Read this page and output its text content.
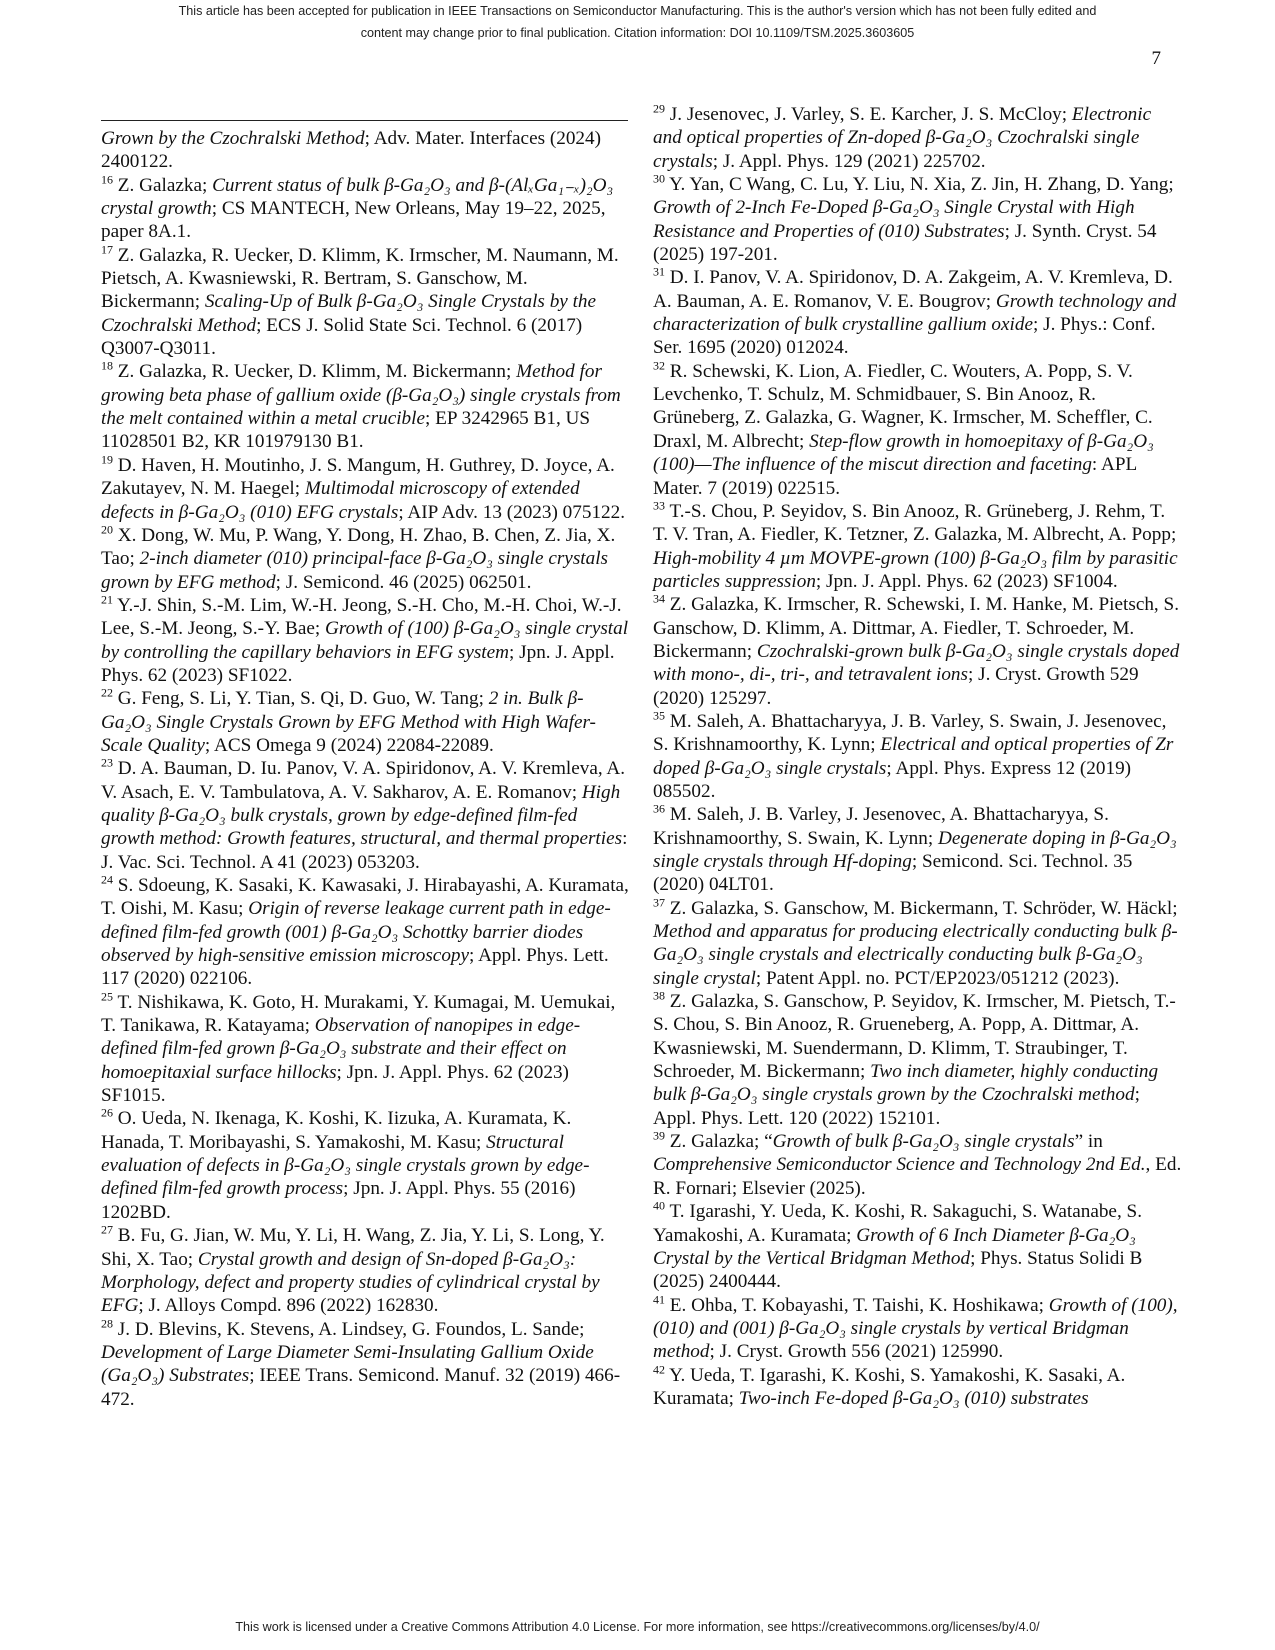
This article has been accepted for publication in IEEE Transactions on Semiconductor Manufacturing. This is the author's version which has not been fully edited and
content may change prior to final publication. Citation information: DOI 10.1109/TSM.2025.3603605
7
Grown by the Czochralski Method; Adv. Mater. Interfaces (2024) 2400122.
$^{16}$ Z. Galazka; Current status of bulk β-Ga₂O₃ and β-(AlₓGa₁₋ₓ)₂O₃ crystal growth; CS MANTECH, New Orleans, May 19–22, 2025, paper 8A.1.
$^{17}$ Z. Galazka, R. Uecker, D. Klimm, K. Irmscher, M. Naumann, M. Pietsch, A. Kwasniewski, R. Bertram, S. Ganschow, M. Bickermann; Scaling-Up of Bulk β-Ga₂O₃ Single Crystals by the Czochralski Method; ECS J. Solid State Sci. Technol. 6 (2017) Q3007-Q3011.
$^{18}$ Z. Galazka, R. Uecker, D. Klimm, M. Bickermann; Method for growing beta phase of gallium oxide (β-Ga₂O₃) single crystals from the melt contained within a metal crucible; EP 3242965 B1, US 11028501 B2, KR 101979130 B1.
$^{19}$ D. Haven, H. Moutinho, J. S. Mangum, H. Guthrey, D. Joyce, A. Zakutayev, N. M. Haegel; Multimodal microscopy of extended defects in β-Ga₂O₃ (010) EFG crystals; AIP Adv. 13 (2023) 075122.
$^{20}$ X. Dong, W. Mu, P. Wang, Y. Dong, H. Zhao, B. Chen, Z. Jia, X. Tao; 2-inch diameter (010) principal-face β-Ga₂O₃ single crystals grown by EFG method; J. Semicond. 46 (2025) 062501.
$^{21}$ Y.-J. Shin, S.-M. Lim, W.-H. Jeong, S.-H. Cho, M.-H. Choi, W.-J. Lee, S.-M. Jeong, S.-Y. Bae; Growth of (100) β-Ga₂O₃ single crystal by controlling the capillary behaviors in EFG system; Jpn. J. Appl. Phys. 62 (2023) SF1022.
$^{22}$ G. Feng, S. Li, Y. Tian, S. Qi, D. Guo, W. Tang; 2 in. Bulk β-Ga₂O₃ Single Crystals Grown by EFG Method with High Wafer-Scale Quality; ACS Omega 9 (2024) 22084-22089.
$^{23}$ D. A. Bauman, D. Iu. Panov, V. A. Spiridonov, A. V. Kremleva, A. V. Asach, E. V. Tambulatova, A. V. Sakharov, A. E. Romanov; High quality β-Ga₂O₃ bulk crystals, grown by edge-defined film-fed growth method: Growth features, structural, and thermal properties: J. Vac. Sci. Technol. A 41 (2023) 053203.
$^{24}$ S. Sdoeung, K. Sasaki, K. Kawasaki, J. Hirabayashi, A. Kuramata, T. Oishi, M. Kasu; Origin of reverse leakage current path in edge-defined film-fed growth (001) β-Ga₂O₃ Schottky barrier diodes observed by high-sensitive emission microscopy; Appl. Phys. Lett. 117 (2020) 022106.
$^{25}$ T. Nishikawa, K. Goto, H. Murakami, Y. Kumagai, M. Uemukai, T. Tanikawa, R. Katayama; Observation of nanopipes in edge-defined film-fed grown β-Ga₂O₃ substrate and their effect on homoepitaxial surface hillocks; Jpn. J. Appl. Phys. 62 (2023) SF1015.
$^{26}$ O. Ueda, N. Ikenaga, K. Koshi, K. Iizuka, A. Kuramata, K. Hanada, T. Moribayashi, S. Yamakoshi, M. Kasu; Structural evaluation of defects in β-Ga₂O₃ single crystals grown by edge-defined film-fed growth process; Jpn. J. Appl. Phys. 55 (2016) 1202BD.
$^{27}$ B. Fu, G. Jian, W. Mu, Y. Li, H. Wang, Z. Jia, Y. Li, S. Long, Y. Shi, X. Tao; Crystal growth and design of Sn-doped β-Ga₂O₃: Morphology, defect and property studies of cylindrical crystal by EFG; J. Alloys Compd. 896 (2022) 162830.
$^{28}$ J. D. Blevins, K. Stevens, A. Lindsey, G. Foundos, L. Sande; Development of Large Diameter Semi-Insulating Gallium Oxide (Ga₂O₃) Substrates; IEEE Trans. Semicond. Manuf. 32 (2019) 466-472.
$^{29}$ J. Jesenovec, J. Varley, S. E. Karcher, J. S. McCloy; Electronic and optical properties of Zn-doped β-Ga₂O₃ Czochralski single crystals; J. Appl. Phys. 129 (2021) 225702.
$^{30}$ Y. Yan, C Wang, C. Lu, Y. Liu, N. Xia, Z. Jin, H. Zhang, D. Yang; Growth of 2-Inch Fe-Doped β-Ga₂O₃ Single Crystal with High Resistance and Properties of (010) Substrates; J. Synth. Cryst. 54 (2025) 197-201.
$^{31}$ D. I. Panov, V. A. Spiridonov, D. A. Zakgeim, A. V. Kremleva, D. A. Bauman, A. E. Romanov, V. E. Bougrov; Growth technology and characterization of bulk crystalline gallium oxide; J. Phys.: Conf. Ser. 1695 (2020) 012024.
$^{32}$ R. Schewski, K. Lion, A. Fiedler, C. Wouters, A. Popp, S. V. Levchenko, T. Schulz, M. Schmidbauer, S. Bin Anooz, R. Grüneberg, Z. Galazka, G. Wagner, K. Irmscher, M. Scheffler, C. Draxl, M. Albrecht; Step-flow growth in homoepitaxy of β-Ga₂O₃ (100)—The influence of the miscut direction and faceting: APL Mater. 7 (2019) 022515.
$^{33}$ T.-S. Chou, P. Seyidov, S. Bin Anooz, R. Grüneberg, J. Rehm, T. T. V. Tran, A. Fiedler, K. Tetzner, Z. Galazka, M. Albrecht, A. Popp; High-mobility 4 µm MOVPE-grown (100) β-Ga₂O₃ film by parasitic particles suppression; Jpn. J. Appl. Phys. 62 (2023) SF1004.
$^{34}$ Z. Galazka, K. Irmscher, R. Schewski, I. M. Hanke, M. Pietsch, S. Ganschow, D. Klimm, A. Dittmar, A. Fiedler, T. Schroeder, M. Bickermann; Czochralski-grown bulk β-Ga₂O₃ single crystals doped with mono-, di-, tri-, and tetravalent ions; J. Cryst. Growth 529 (2020) 125297.
$^{35}$ M. Saleh, A. Bhattacharyya, J. B. Varley, S. Swain, J. Jesenovec, S. Krishnamoorthy, K. Lynn; Electrical and optical properties of Zr doped β-Ga₂O₃ single crystals; Appl. Phys. Express 12 (2019) 085502.
$^{36}$ M. Saleh, J. B. Varley, J. Jesenovec, A. Bhattacharyya, S. Krishnamoorthy, S. Swain, K. Lynn; Degenerate doping in β-Ga₂O₃ single crystals through Hf-doping; Semicond. Sci. Technol. 35 (2020) 04LT01.
$^{37}$ Z. Galazka, S. Ganschow, M. Bickermann, T. Schröder, W. Häckl; Method and apparatus for producing electrically conducting bulk β-Ga₂O₃ single crystals and electrically conducting bulk β-Ga₂O₃ single crystal; Patent Appl. no. PCT/EP2023/051212 (2023).
$^{38}$ Z. Galazka, S. Ganschow, P. Seyidov, K. Irmscher, M. Pietsch, T.-S. Chou, S. Bin Anooz, R. Grueneberg, A. Popp, A. Dittmar, A. Kwasniewski, M. Suendermann, D. Klimm, T. Straubinger, T. Schroeder, M. Bickermann; Two inch diameter, highly conducting bulk β-Ga₂O₃ single crystals grown by the Czochralski method; Appl. Phys. Lett. 120 (2022) 152101.
$^{39}$ Z. Galazka; “Growth of bulk β-Ga₂O₃ single crystals” in Comprehensive Semiconductor Science and Technology 2nd Ed., Ed. R. Fornari; Elsevier (2025).
$^{40}$ T. Igarashi, Y. Ueda, K. Koshi, R. Sakaguchi, S. Watanabe, S. Yamakoshi, A. Kuramata; Growth of 6 Inch Diameter β-Ga₂O₃ Crystal by the Vertical Bridgman Method; Phys. Status Solidi B (2025) 2400444.
$^{41}$ E. Ohba, T. Kobayashi, T. Taishi, K. Hoshikawa; Growth of (100), (010) and (001) β-Ga₂O₃ single crystals by vertical Bridgman method; J. Cryst. Growth 556 (2021) 125990.
$^{42}$ Y. Ueda, T. Igarashi, K. Koshi, S. Yamakoshi, K. Sasaki, A. Kuramata; Two-inch Fe-doped β-Ga₂O₃ (010) substrates
This work is licensed under a Creative Commons Attribution 4.0 License. For more information, see https://creativecommons.org/licenses/by/4.0/
